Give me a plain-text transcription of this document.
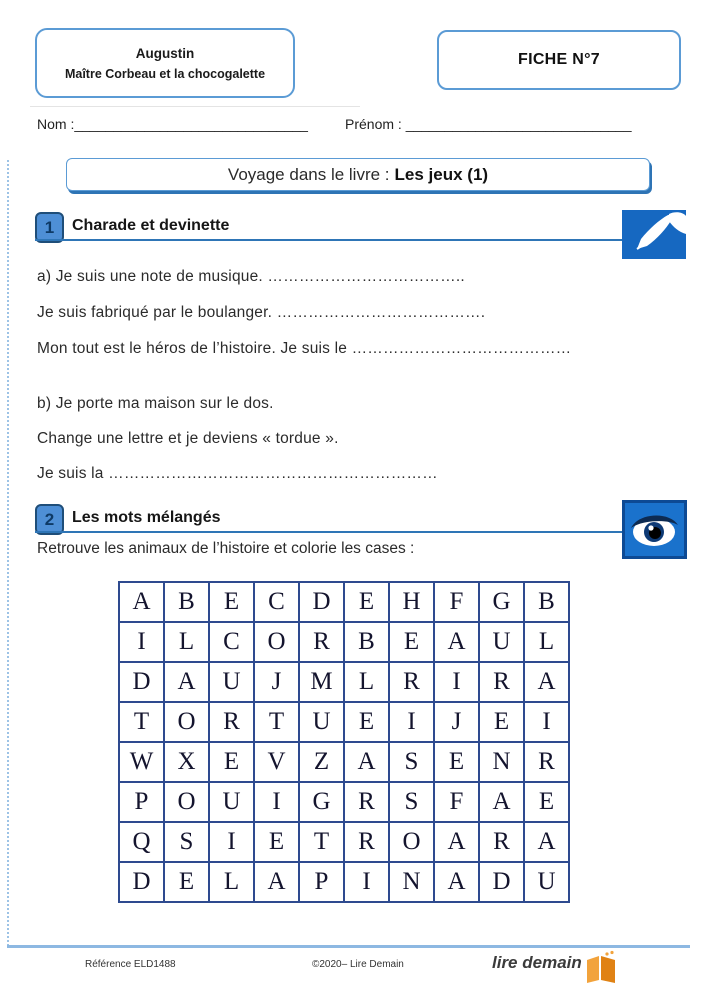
Augustin
Maître Corbeau et la chocogalette
FICHE N°7
Nom :______________________________	Prénom : _____________________________
Voyage dans le livre : Les jeux (1)
1 Charade et devinette

a) Je suis une note de musique. ………………………………..

Je suis fabriqué par le boulanger. ………………………………….

Mon tout est le héros de l’histoire. Je suis le ……………………………………

b) Je porte ma maison sur le dos.

Change une lettre et je deviens « tordue ».

Je suis la ………………………………………………………

2 Les mots mélangés
Retrouve les animaux de l’histoire et colorie les cases :
A	B	E	C	D	E	H	F	G	B
I	L	C	O	R	B	E	A	U	L
D	A	U	J	M	L	R	I	R	A
T	O	R	T	U	E	I	J	E	I
W	X	E	V	Z	A	S	E	N	R
P	O	U	I	G	R	S	F	A	E
Q	S	I	E	T	R	O	A	R	A
D	E	L	A	P	I	N	A	D	U
Référence ELD1488	©2020– Lire Demain	lire demain
